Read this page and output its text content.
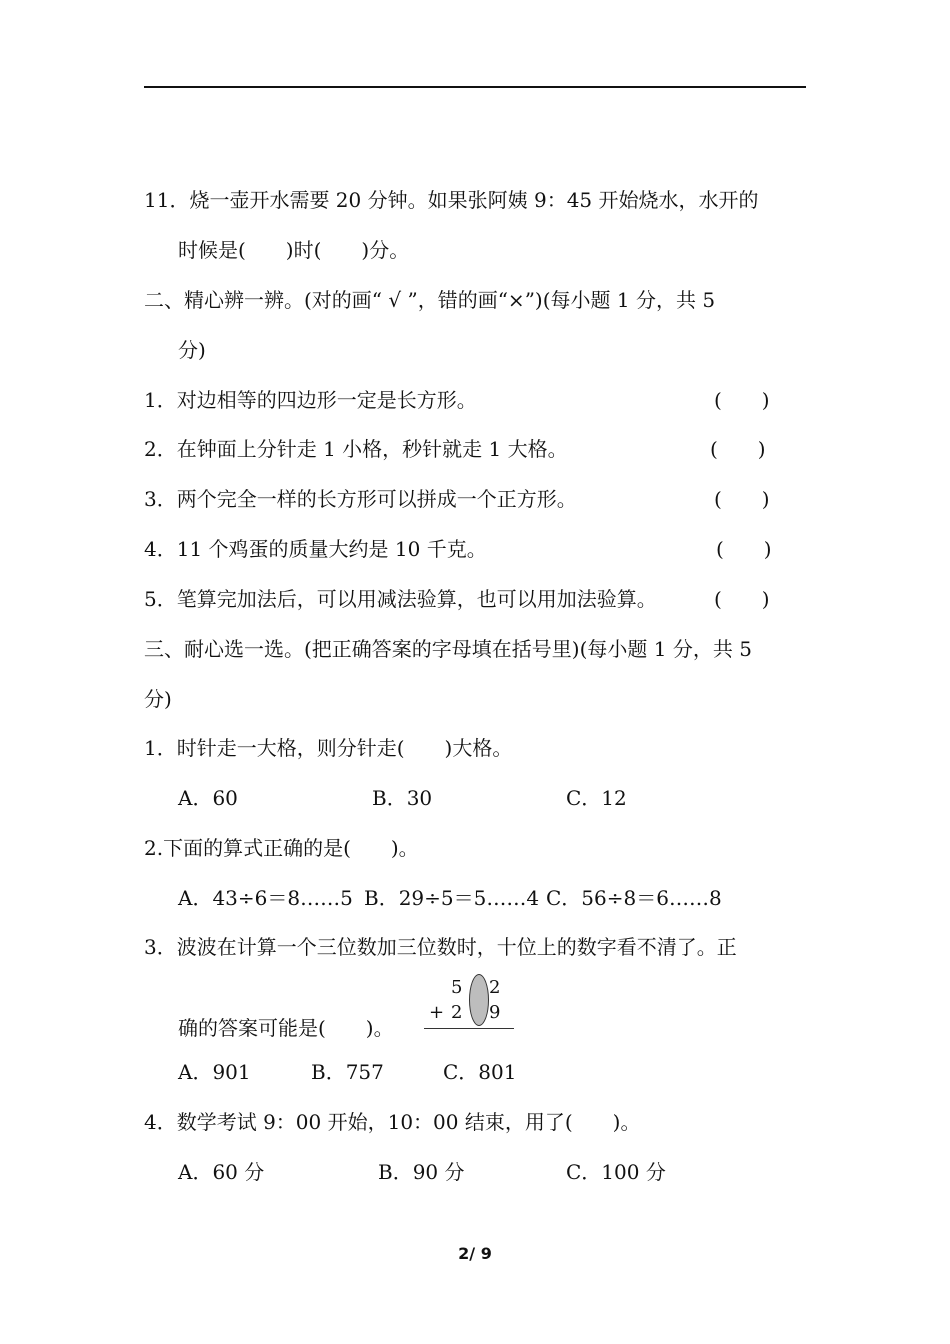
11．烧一壶开水需要 20 分钟。如果张阿姨 9：45 开始烧水，水开的
时候是(　　)时(　　)分。
二、精心辨一辨。(对的画“ √ ”，错的画“×”)(每小题 1 分，共 5
分)
1．对边相等的四边形一定是长方形。	(　　)
2．在钟面上分针走 1 小格，秒针就走 1 大格。	(　　)
3．两个完全一样的长方形可以拼成一个正方形。	(　　)
4．11 个鸡蛋的质量大约是 10 千克。	(　　)
5．笔算完加法后，可以用减法验算，也可以用加法验算。	(　　)
三、耐心选一选。(把正确答案的字母填在括号里)(每小题 1 分，共 5
分)
1．时针走一大格，则分针走(　　)大格。
A．60	B．30	C．12
2.下面的算式正确的是(　　)。
A．43÷6＝8……5 B．29÷5＝5……4 C．56÷8＝6……8
3．波波在计算一个三位数加三位数时，十位上的数字看不清了。正
确的答案可能是(　　)。
5 2
+ 2 9
A．901	B．757	C．801
4．数学考试 9：00 开始，10：00 结束，用了(　　)。
A．60 分	B．90 分	C．100 分
2/ 9
